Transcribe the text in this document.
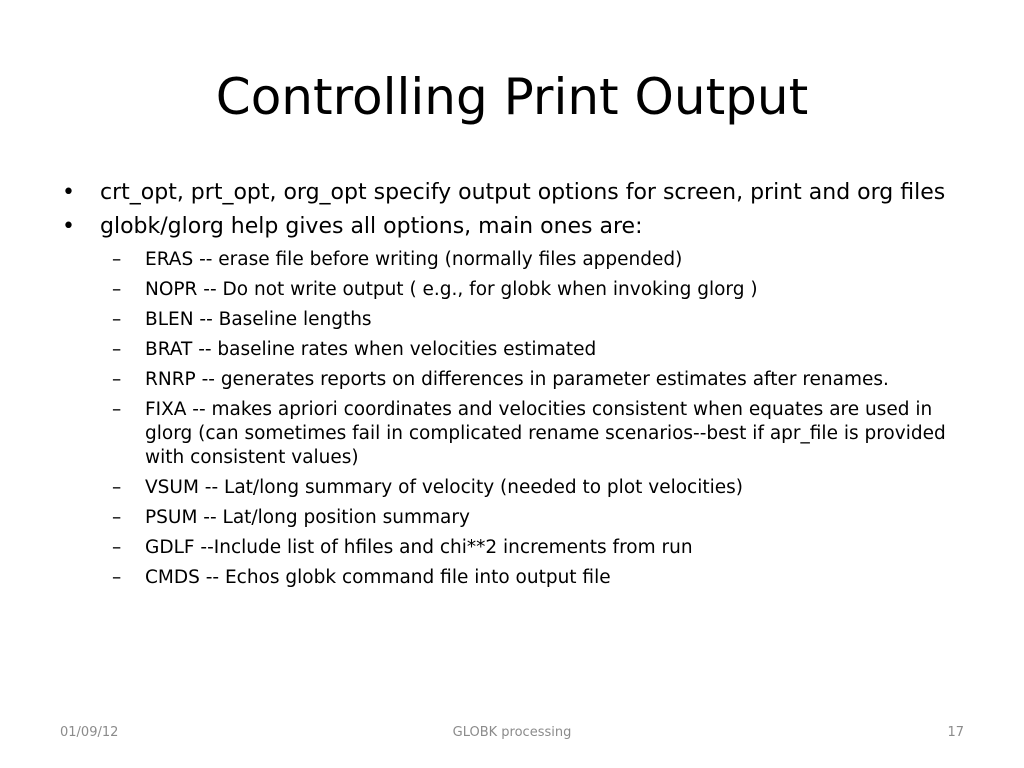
Controlling Print Output
• crt_opt, prt_opt, org_opt specify output options for screen, print and org files
• globk/glorg help gives all options, main ones are:
– ERAS -- erase file before writing (normally files appended)
– NOPR -- Do not write output ( e.g., for globk when invoking glorg )
– BLEN -- Baseline lengths
– BRAT -- baseline rates when velocities estimated
– RNRP -- generates reports on differences in parameter estimates after renames.
– FIXA -- makes apriori coordinates and velocities consistent when equates are used in glorg (can sometimes fail in complicated rename scenarios--best if apr_file is provided with consistent values)
– VSUM -- Lat/long summary of velocity (needed to plot velocities)
– PSUM -- Lat/long position summary
– GDLF --Include list of hfiles and chi**2 increments from run
– CMDS -- Echos globk command file into output file
01/09/12	GLOBK processing	17
